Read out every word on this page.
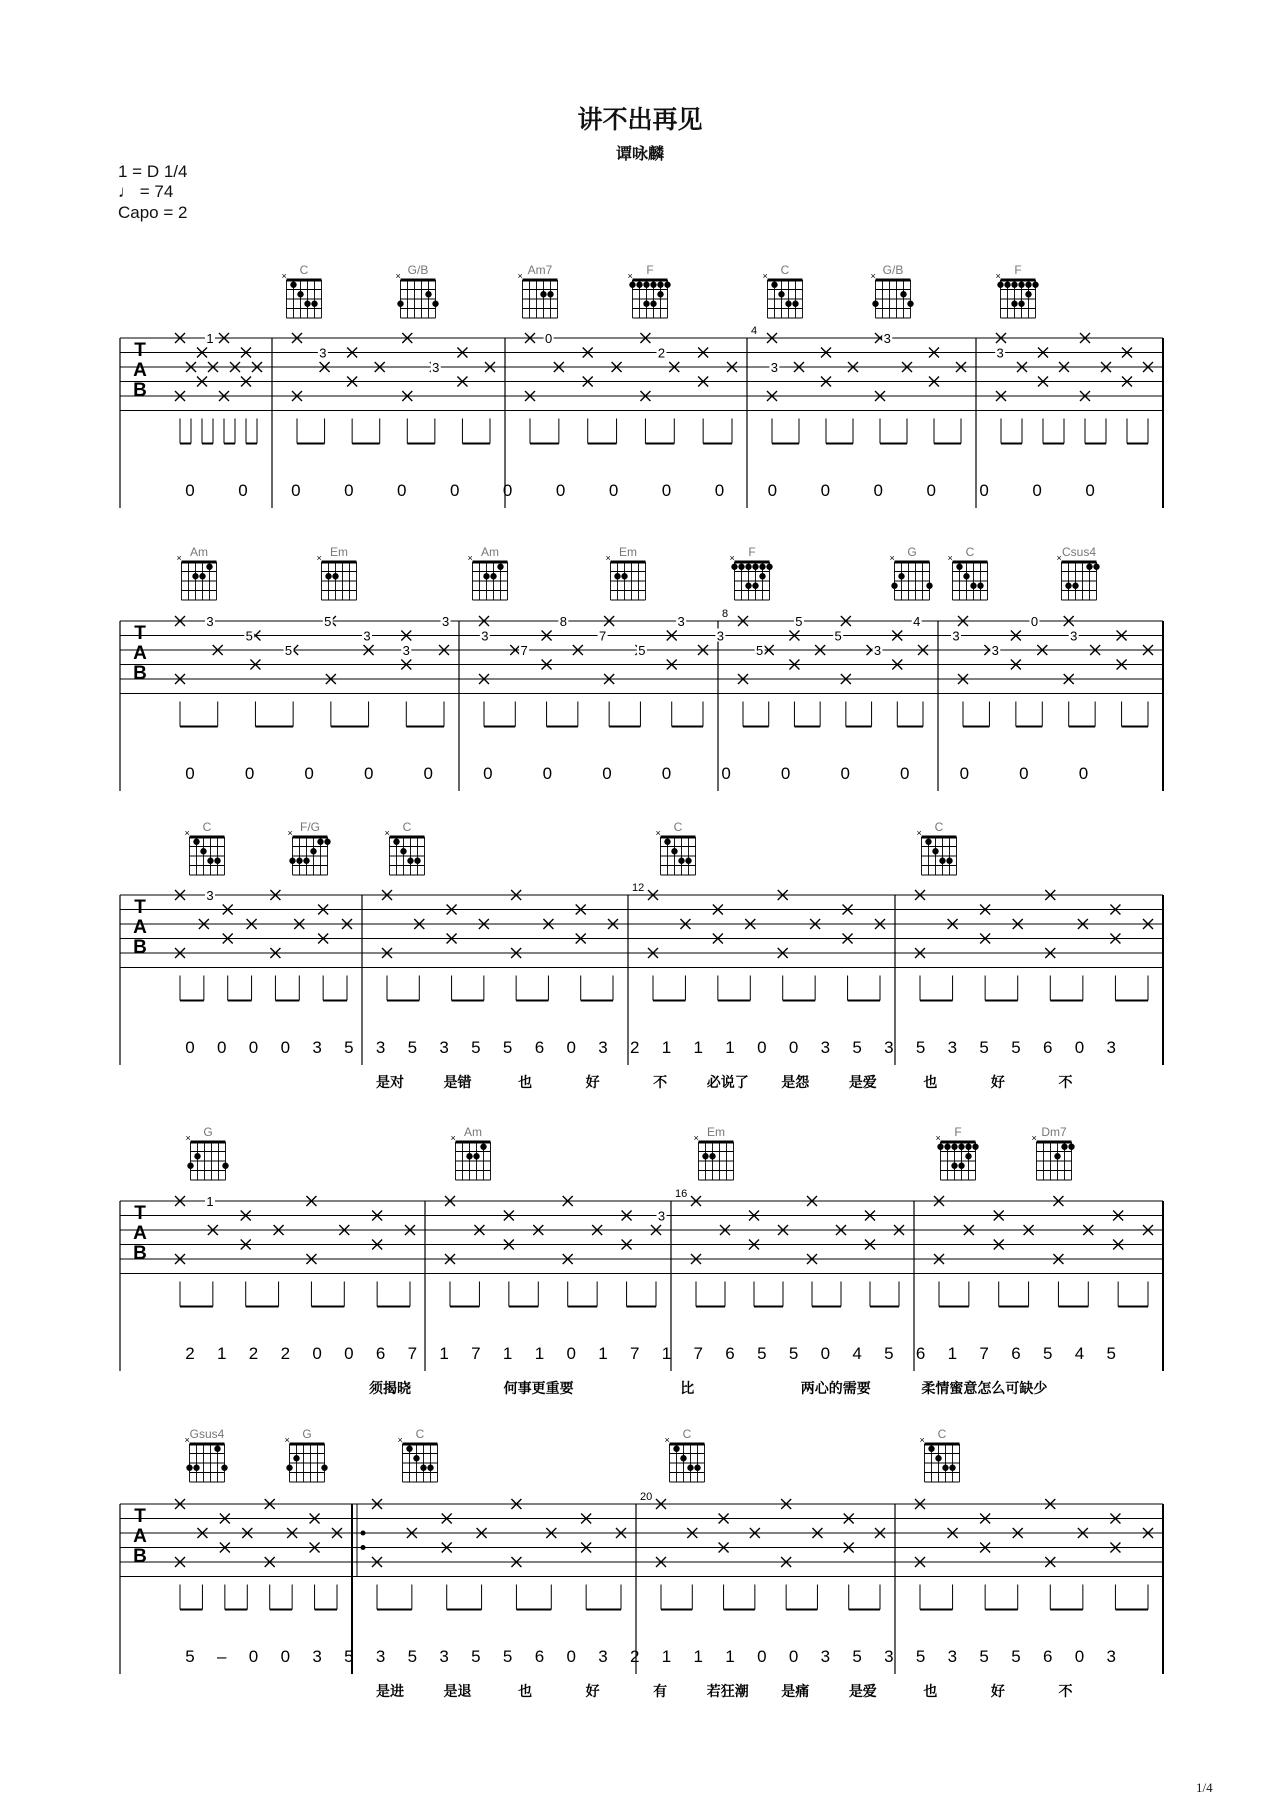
讲不出再见
谭咏麟
1 = D 1/4
♩ = 74
Capo = 2
1/4
T
A
B
C
×	G/B
×	Am7
×	F
×	C
×	G/B
×	F
×
4
1
3
3
0
2
3
3
3
0	0	0	0	0	0	0	0	0	0	0	0	0	0	0	0	0	0
T
A
B
Am
×	Em
×	Am
×	Em
×	F
×	G
×	C
×	Csus4
×
8
3
5
5
5
3
3
3
3
7
8
7
5
3
3
5
5
5
3
4
3
3
0
3
0	0	0	0	0	0	0	0	0	0	0	0	0	0	0	0
T
A
B
C
×	F/G
×	C
×	C
×	C
×
12
3
0 0 0 0 3 5 3 5 3 5 5 6 0 3 2 1 1 1 0 0 3 5 3 5 3 5 5 6 0 3
是对	是错	也	好	不	必说了 是怨	是爱	也	好	不
T
A
B
G
×	Am
×	Em
×	F
×	Dm7
×
16
1
3
2 1 2 2 0 0 6 7 1 7 1 1 0 1 7 1 7 6 5 5 0 4 5 6 1 7 6 5 4 5
须揭晓	何事更重要	比	两心的需要	柔情蜜意怎么可缺少
T
A
B
Gsus4
×	G
×	C
×	C
×	C
×
20
5 – 0 0 3 5 3 5 3 5 5 6 0 3 2 1 1 1 0 0 3 5 3 5 3 5 5 6 0 3
是进	是退	也	好	有	若狂潮 是痛	是爱	也	好	不
